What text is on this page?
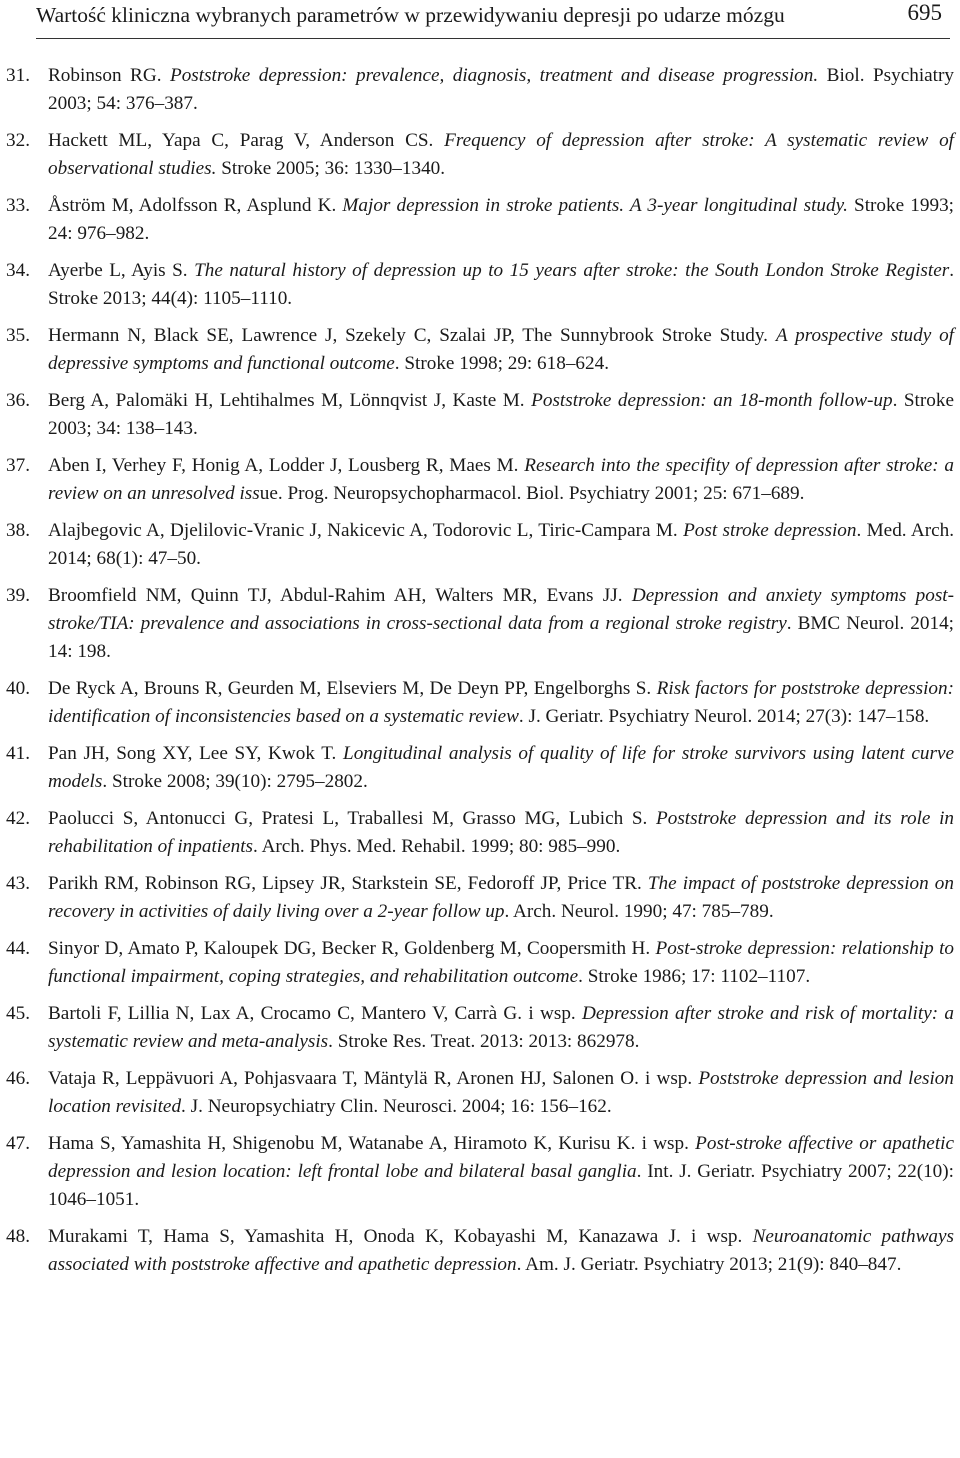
Wartość kliniczna wybranych parametrów w przewidywaniu depresji po udarze mózgu	695
31. Robinson RG. Poststroke depression: prevalence, diagnosis, treatment and disease progression. Biol. Psychiatry 2003; 54: 376–387.
32. Hackett ML, Yapa C, Parag V, Anderson CS. Frequency of depression after stroke: A systematic review of observational studies. Stroke 2005; 36: 1330–1340.
33. Åström M, Adolfsson R, Asplund K. Major depression in stroke patients. A 3-year longitudinal study. Stroke 1993; 24: 976–982.
34. Ayerbe L, Ayis S. The natural history of depression up to 15 years after stroke: the South London Stroke Register. Stroke 2013; 44(4): 1105–1110.
35. Hermann N, Black SE, Lawrence J, Szekely C, Szalai JP, The Sunnybrook Stroke Study. A prospective study of depressive symptoms and functional outcome. Stroke 1998; 29: 618–624.
36. Berg A, Palomäki H, Lehtihalmes M, Lönnqvist J, Kaste M. Poststroke depression: an 18-month follow-up. Stroke 2003; 34: 138–143.
37. Aben I, Verhey F, Honig A, Lodder J, Lousberg R, Maes M. Research into the specifity of depression after stroke: a review on an unresolved issue. Prog. Neuropsychopharmacol. Biol. Psychiatry 2001; 25: 671–689.
38. Alajbegovic A, Djelilovic-Vranic J, Nakicevic A, Todorovic L, Tiric-Campara M. Post stroke depression. Med. Arch. 2014; 68(1): 47–50.
39. Broomfield NM, Quinn TJ, Abdul-Rahim AH, Walters MR, Evans JJ. Depression and anxiety symptoms post-stroke/TIA: prevalence and associations in cross-sectional data from a regional stroke registry. BMC Neurol. 2014; 14: 198.
40. De Ryck A, Brouns R, Geurden M, Elseviers M, De Deyn PP, Engelborghs S. Risk factors for poststroke depression: identification of inconsistencies based on a systematic review. J. Geriatr. Psychiatry Neurol. 2014; 27(3): 147–158.
41. Pan JH, Song XY, Lee SY, Kwok T. Longitudinal analysis of quality of life for stroke survivors using latent curve models. Stroke 2008; 39(10): 2795–2802.
42. Paolucci S, Antonucci G, Pratesi L, Traballesi M, Grasso MG, Lubich S. Poststroke depression and its role in rehabilitation of inpatients. Arch. Phys. Med. Rehabil. 1999; 80: 985–990.
43. Parikh RM, Robinson RG, Lipsey JR, Starkstein SE, Fedoroff JP, Price TR. The impact of poststroke depression on recovery in activities of daily living over a 2-year follow up. Arch. Neurol. 1990; 47: 785–789.
44. Sinyor D, Amato P, Kaloupek DG, Becker R, Goldenberg M, Coopersmith H. Post-stroke depression: relationship to functional impairment, coping strategies, and rehabilitation outcome. Stroke 1986; 17: 1102–1107.
45. Bartoli F, Lillia N, Lax A, Crocamo C, Mantero V, Carrà G. i wsp. Depression after stroke and risk of mortality: a systematic review and meta-analysis. Stroke Res. Treat. 2013: 2013: 862978.
46. Vataja R, Leppävuori A, Pohjasvaara T, Mäntylä R, Aronen HJ, Salonen O. i wsp. Poststroke depression and lesion location revisited. J. Neuropsychiatry Clin. Neurosci. 2004; 16: 156–162.
47. Hama S, Yamashita H, Shigenobu M, Watanabe A, Hiramoto K, Kurisu K. i wsp. Post-stroke affective or apathetic depression and lesion location: left frontal lobe and bilateral basal ganglia. Int. J. Geriatr. Psychiatry 2007; 22(10): 1046–1051.
48. Murakami T, Hama S, Yamashita H, Onoda K, Kobayashi M, Kanazawa J. i wsp. Neuroanatomic pathways associated with poststroke affective and apathetic depression. Am. J. Geriatr. Psychiatry 2013; 21(9): 840–847.
